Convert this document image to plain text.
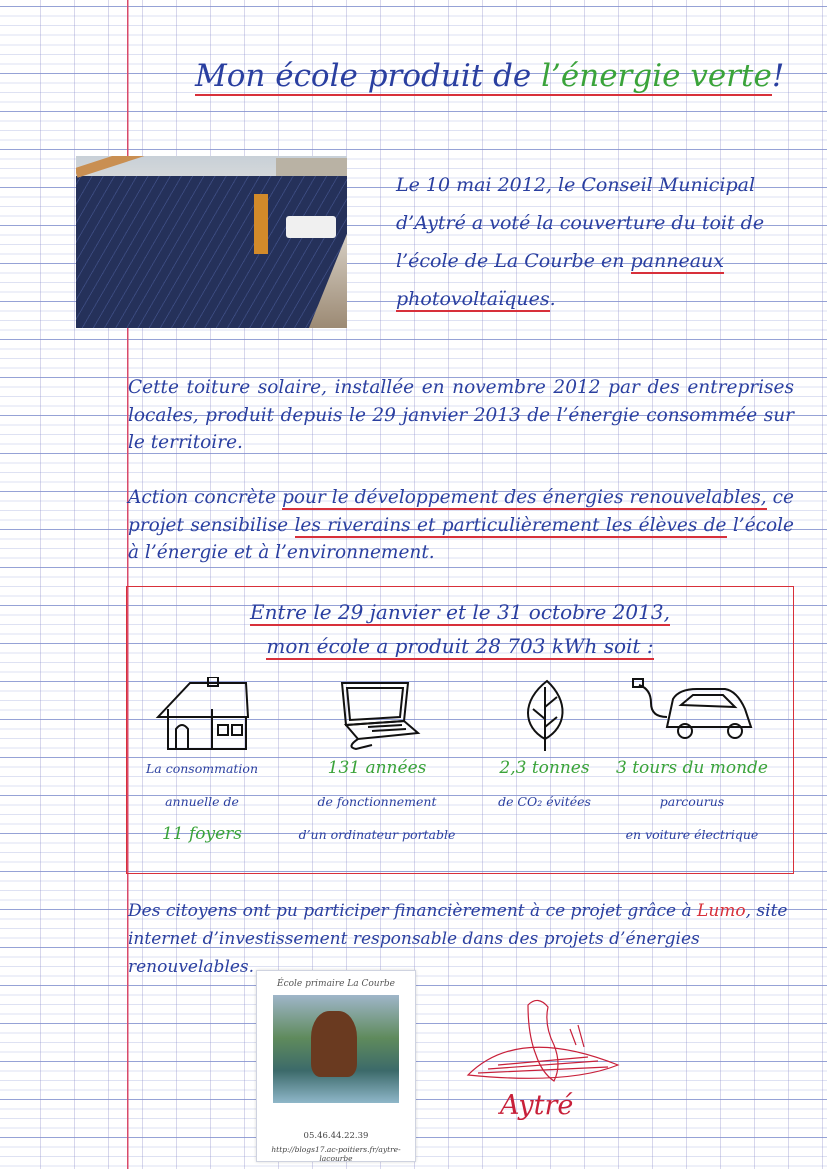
Mon école produit de l’énergie verte!
Le 10 mai 2012, le Conseil Municipal d’Aytré a voté la couverture du toit de l’école de La Courbe en panneaux photovoltaïques.
Cette toiture solaire, installée en novembre 2012 par des entreprises locales, produit depuis le 29 janvier 2013 de l’énergie consommée sur le territoire.
Action concrète pour le développement des énergies renouvelables, ce projet sensibilise les riverains et particulièrement les élèves de l’école à l’énergie et à l’environnement.
Entre le 29 janvier et le 31 octobre 2013,
mon école a produit 28 703 kWh soit :
La consommation
annuelle de
11 foyers
131 années
de fonctionnement
d’un ordinateur portable
2,3 tonnes
de CO₂ évitées
3 tours du monde
parcourus
en voiture électrique
Des citoyens ont pu participer financièrement à ce projet grâce à Lumo, site internet d’investissement responsable dans des projets d’énergies renouvelables.
École primaire La Courbe
05.46.44.22.39
http://blogs17.ac-poitiers.fr/aytre-lacourbe
Aytré
